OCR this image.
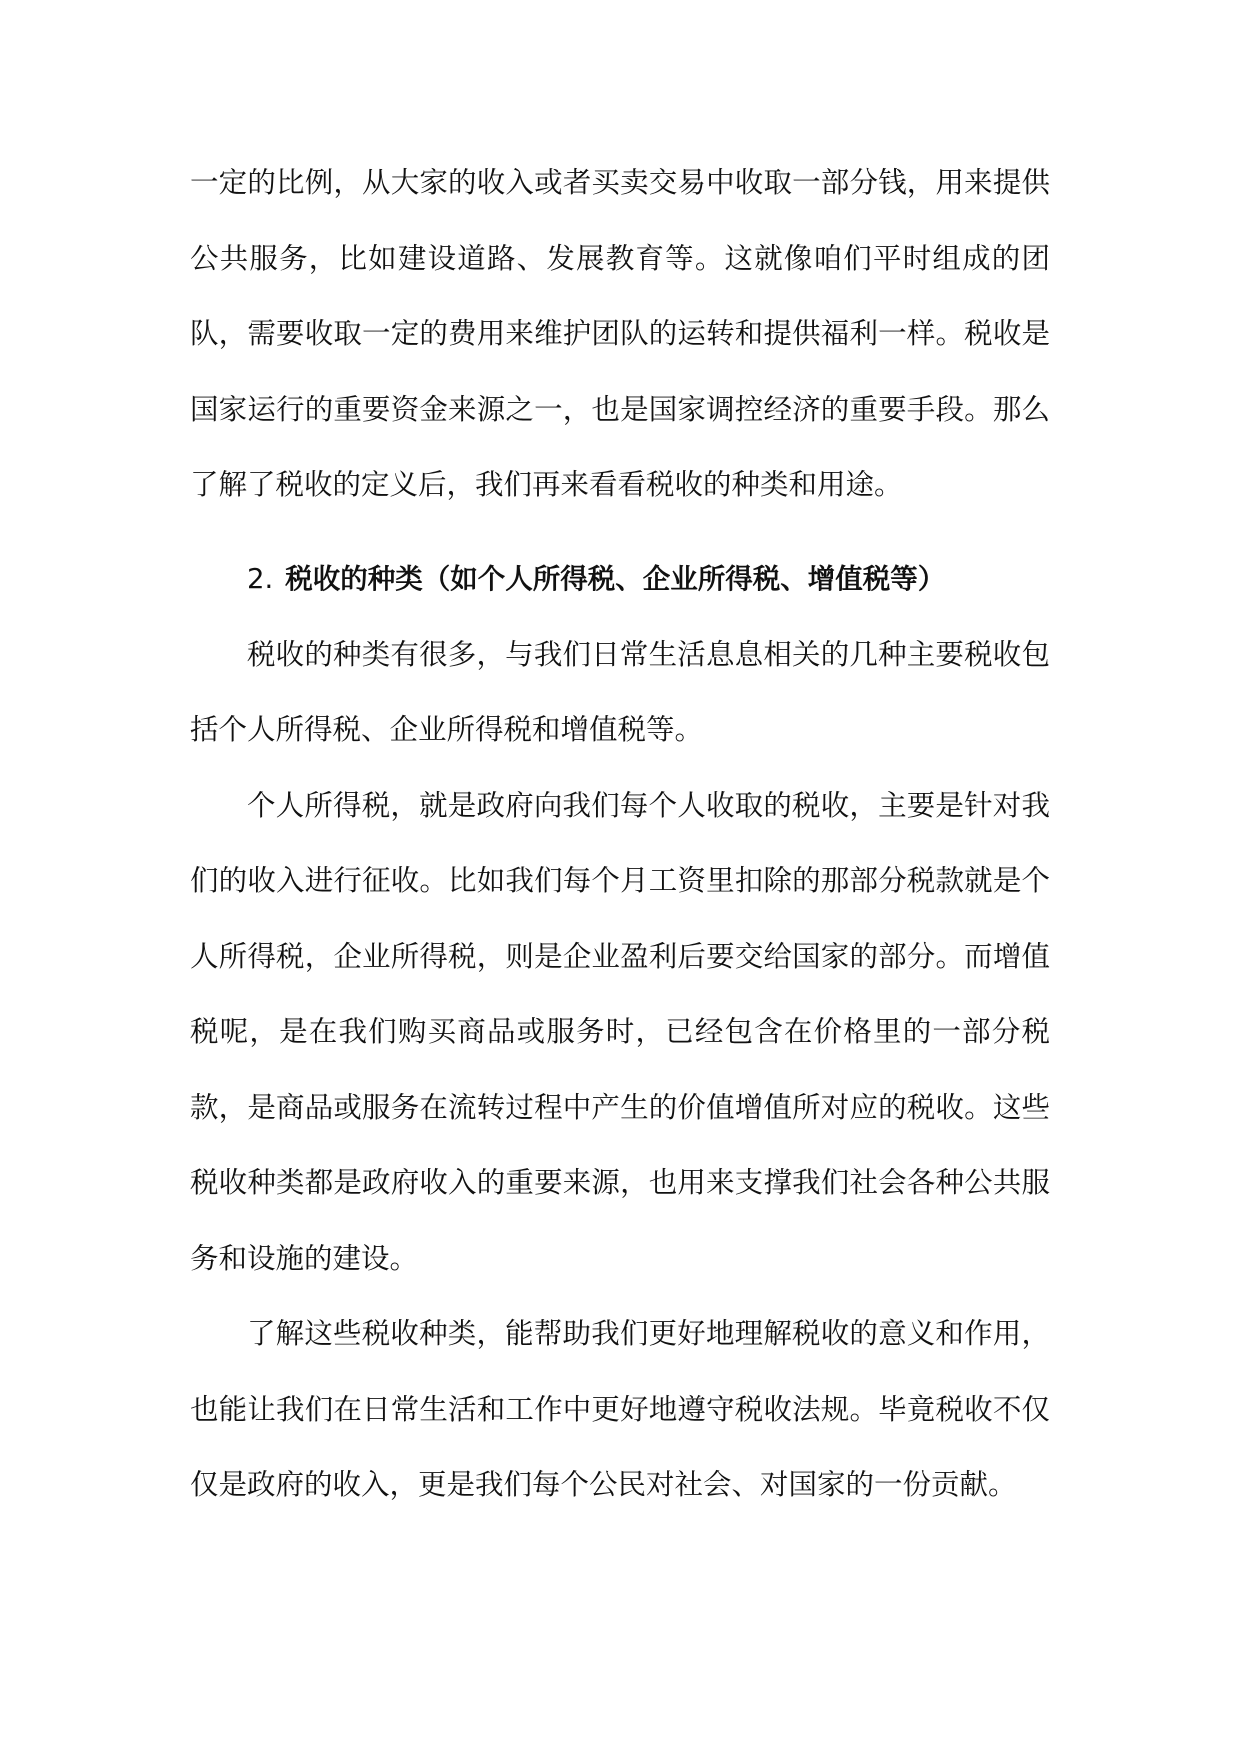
一定的比例，从大家的收入或者买卖交易中收取一部分钱，用来提供公共服务，比如建设道路、发展教育等。这就像咱们平时组成的团队，需要收取一定的费用来维护团队的运转和提供福利一样。税收是国家运行的重要资金来源之一，也是国家调控经济的重要手段。那么了解了税收的定义后，我们再来看看税收的种类和用途。

2. 税收的种类（如个人所得税、企业所得税、增值税等）

税收的种类有很多，与我们日常生活息息相关的几种主要税收包括个人所得税、企业所得税和增值税等。

个人所得税，就是政府向我们每个人收取的税收，主要是针对我们的收入进行征收。比如我们每个月工资里扣除的那部分税款就是个人所得税，企业所得税，则是企业盈利后要交给国家的部分。而增值税呢，是在我们购买商品或服务时，已经包含在价格里的一部分税款，是商品或服务在流转过程中产生的价值增值所对应的税收。这些税收种类都是政府收入的重要来源，也用来支撑我们社会各种公共服务和设施的建设。

了解这些税收种类，能帮助我们更好地理解税收的意义和作用，也能让我们在日常生活和工作中更好地遵守税收法规。毕竟税收不仅仅是政府的收入，更是我们每个公民对社会、对国家的一份贡献。
